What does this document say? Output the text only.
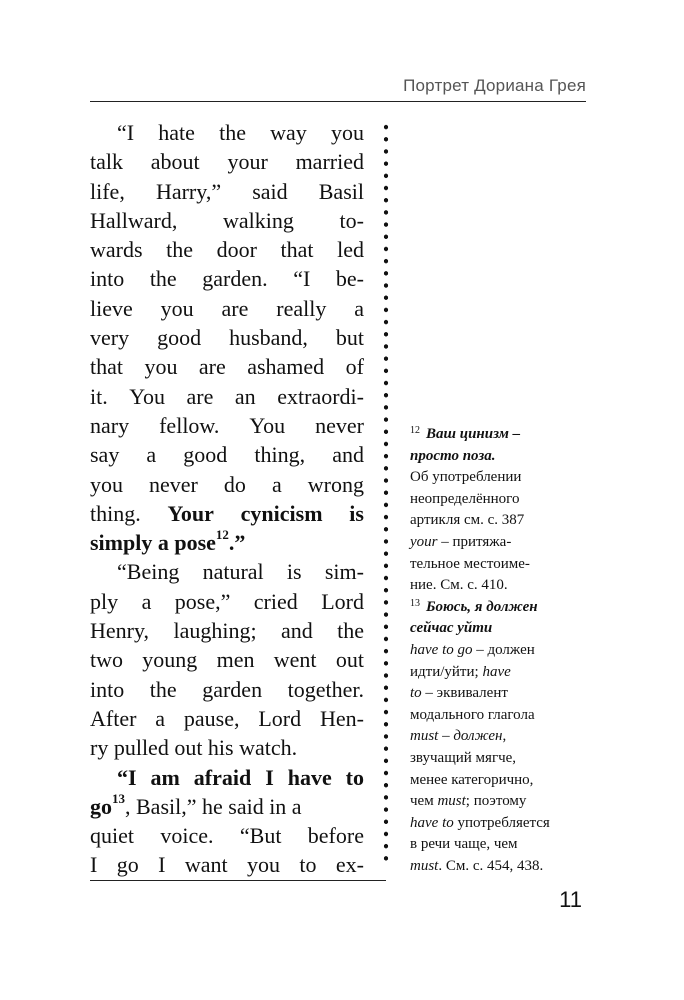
Портрет Дориана Грея
“I hate the way you
talk about your married
life, Harry,” said Basil
Hallward, walking to-
wards the door that led
into the garden. “I be-
lieve you are really a
very good husband, but
that you are ashamed of
it. You are an extraordi-
nary fellow. You never
say a good thing, and
you never do a wrong
thing. Your cynicism is
simply a pose 12 .”
“Being natural is sim-
ply a pose,” cried Lord
Henry, laughing; and the
two young men went out
into the garden together.
After a pause, Lord Hen-
ry pulled out his watch.
“I am afraid I have to
go 13 , Basil,” he said in a
quiet voice. “But before
I go I want you to ex-
$^{12}$ Ваш цинизм –
просто поза.
Об употреблении
неопределённого
артикля см. с. 387
your – притяжа-
тельное местоиме-
ние. См. с. 410.
$^{13}$ Боюсь, я должен
сейчас уйти
have to go – должен
идти/уйти; have
to – эквивалент
модального глагола
must – должен,
звучащий мягче,
менее категорично,
чем must; поэтому
have to употребляется
в речи чаще, чем
must. См. с. 454, 438.
11
